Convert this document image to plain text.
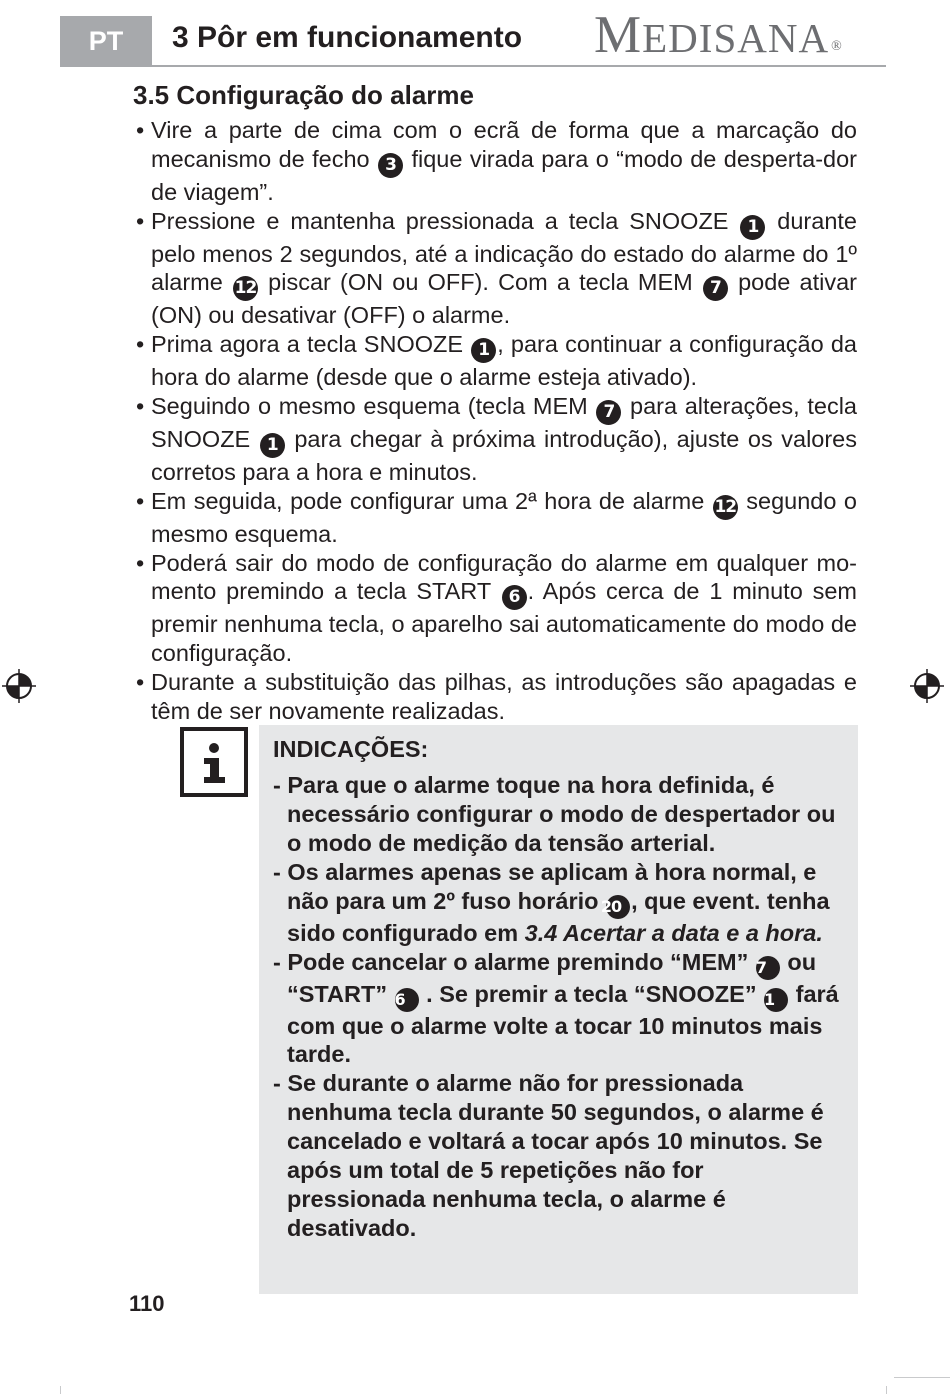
PT 3 Pôr em funcionamento MEDISANA ®
3.5 Configuração do alarme
• Vire a parte de cima com o ecrã de forma que a marcação do mecanismo de fecho 3 fique virada para o “modo de desperta-dor de viagem”.
• Pressione e mantenha pressionada a tecla SNOOZE 1 durante pelo menos 2 segundos, até a indicação do estado do alarme do 1º alarme 12 piscar (ON ou OFF). Com a tecla MEM 7 pode ativar (ON) ou desativar (OFF) o alarme.
• Prima agora a tecla SNOOZE 1 , para continuar a configuração da hora do alarme (desde que o alarme esteja ativado).
• Seguindo o mesmo esquema (tecla MEM 7 para alterações, tecla SNOOZE 1 para chegar à próxima introdução), ajuste os valores corretos para a hora e minutos.
• Em seguida, pode configurar uma 2ª hora de alarme 12 segundo o mesmo esquema.
• Poderá sair do modo de configuração do alarme em qualquer mo-mento premindo a tecla START 6 . Após cerca de 1 minuto sem premir nenhuma tecla, o aparelho sai automaticamente do modo de configuração.
• Durante a substituição das pilhas, as introduções são apagadas e têm de ser novamente realizadas.
INDICAÇÕES:
- Para que o alarme toque na hora definida, é necessário configurar o modo de despertador ou o modo de medição da tensão arterial.
- Os alarmes apenas se aplicam à hora normal, e não para um 2º fuso horário 20 , que event. tenha sido configurado em 3.4 Acertar a data e a hora.
- Pode cancelar o alarme premindo “MEM” 7 ou “START” 6 . Se premir a tecla “SNOOZE” 1 fará com que o alarme volte a tocar 10 minutos mais tarde.
- Se durante o alarme não for pressionada nenhuma tecla durante 50 segundos, o alarme é cancelado e voltará a tocar após 10 minutos. Se após um total de 5 repetições não for pressionada nenhuma tecla, o alarme é desativado.
110
